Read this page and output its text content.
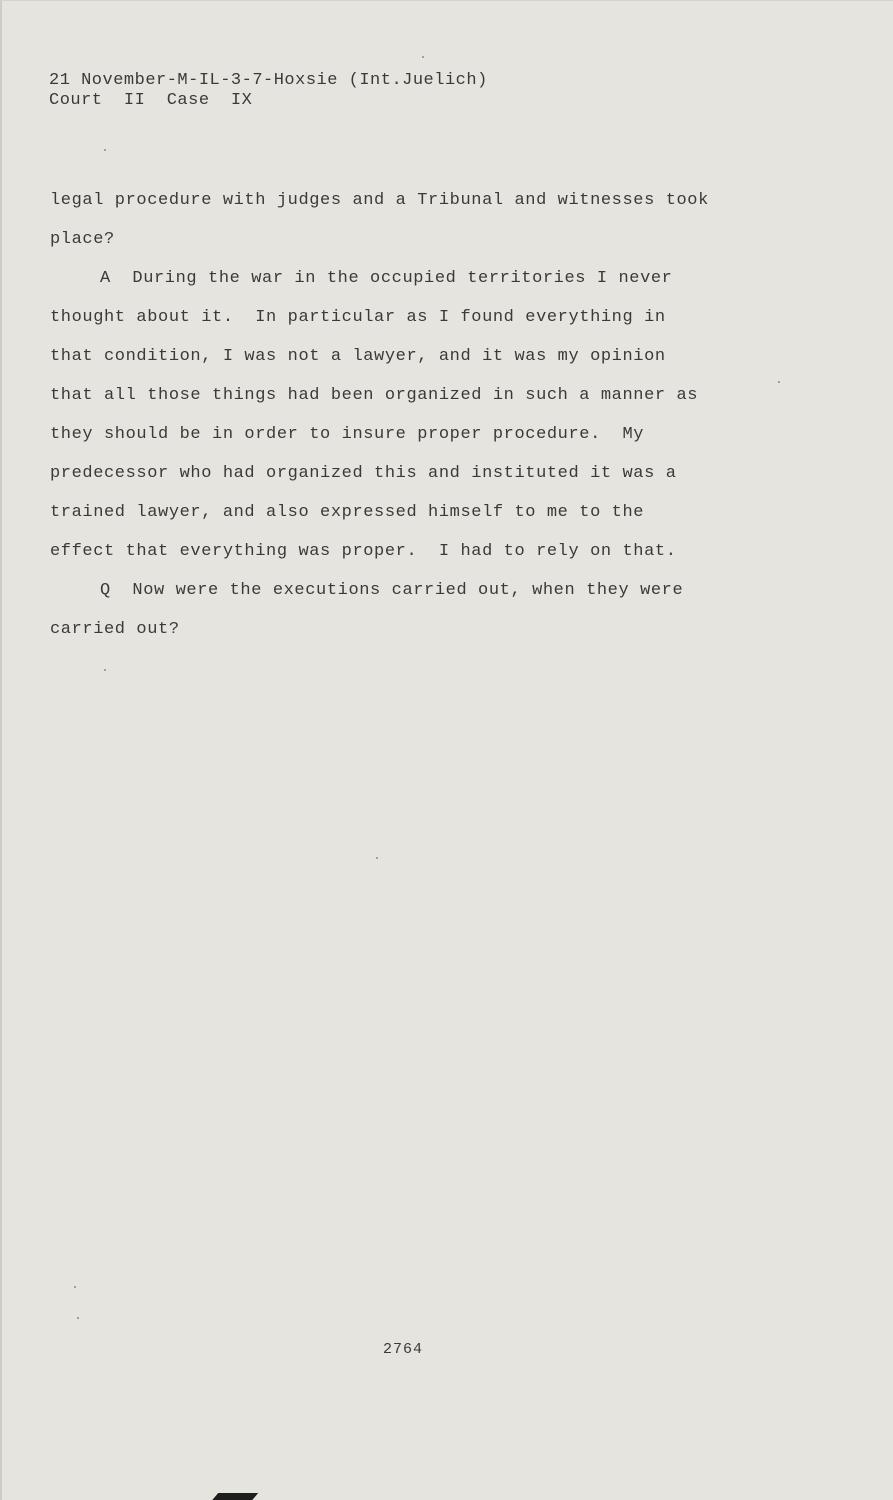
21 November-M-IL-3-7-Hoxsie (Int.Juelich)
Court  II  Case  IX
legal procedure with judges and a Tribunal and witnesses took
place?
A  During the war in the occupied territories I never
thought about it.  In particular as I found everything in
that condition, I was not a lawyer, and it was my opinion
that all those things had been organized in such a manner as
they should be in order to insure proper procedure.  My
predecessor who had organized this and instituted it was a
trained lawyer, and also expressed himself to me to the
effect that everything was proper.  I had to rely on that.
Q  Now were the executions carried out, when they were
carried out?
2764
